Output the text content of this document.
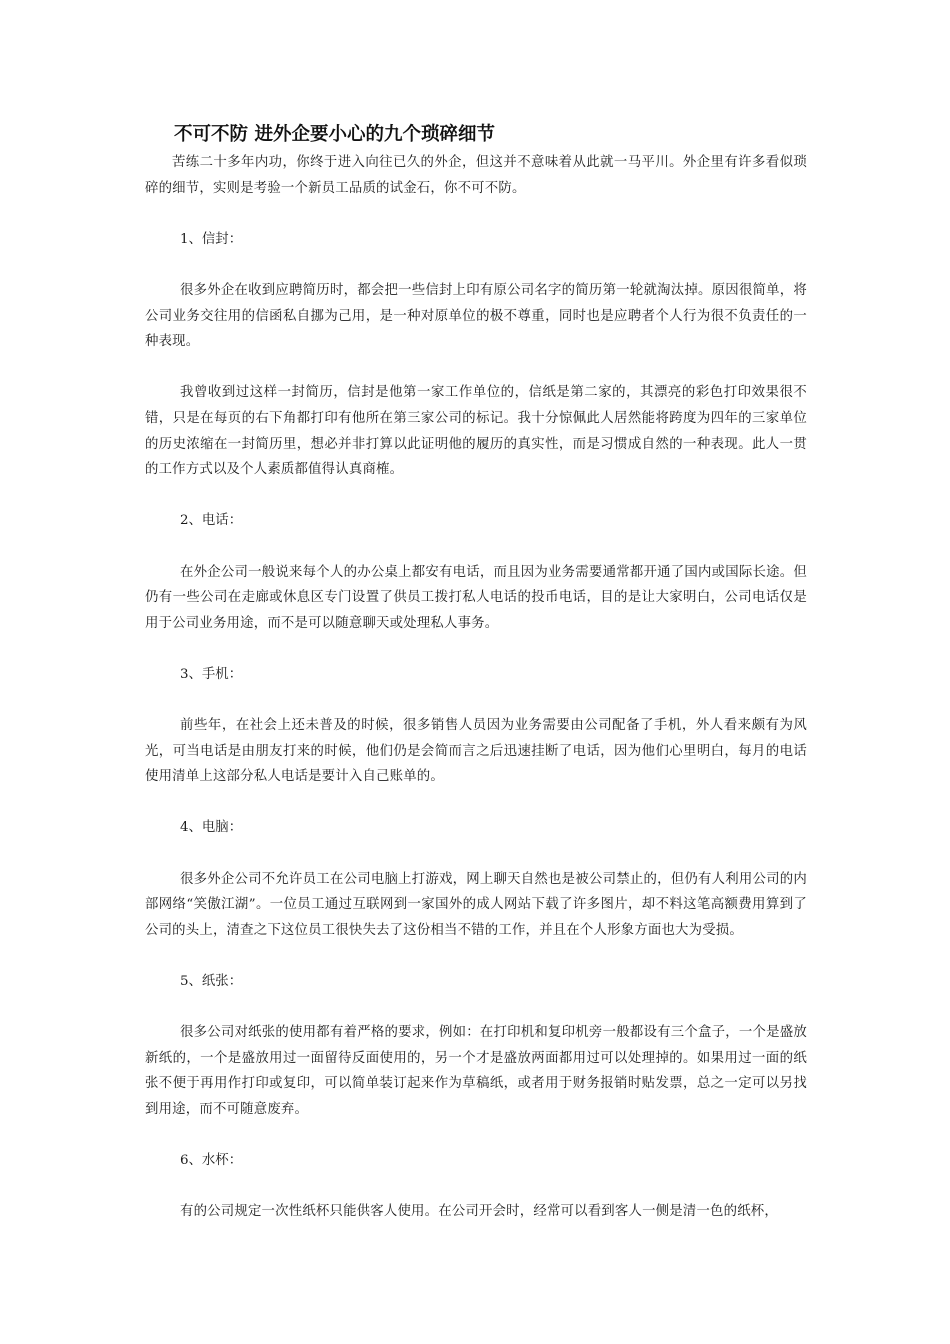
不可不防 进外企要小心的九个琐碎细节

苦练二十多年内功，你终于进入向往已久的外企，但这并不意味着从此就一马平川。外企里有许多看似琐碎的细节，实则是考验一个新员工品质的试金石，你不可不防。

1、信封：

很多外企在收到应聘简历时，都会把一些信封上印有原公司名字的简历第一轮就淘汰掉。原因很简单，将公司业务交往用的信函私自挪为己用，是一种对原单位的极不尊重，同时也是应聘者个人行为很不负责任的一种表现。

我曾收到过这样一封简历，信封是他第一家工作单位的，信纸是第二家的，其漂亮的彩色打印效果很不错，只是在每页的右下角都打印有他所在第三家公司的标记。我十分惊佩此人居然能将跨度为四年的三家单位的历史浓缩在一封简历里，想必并非打算以此证明他的履历的真实性，而是习惯成自然的一种表现。此人一贯的工作方式以及个人素质都值得认真商榷。

2、电话：

在外企公司一般说来每个人的办公桌上都安有电话，而且因为业务需要通常都开通了国内或国际长途。但仍有一些公司在走廊或休息区专门设置了供员工拨打私人电话的投币电话，目的是让大家明白，公司电话仅是用于公司业务用途，而不是可以随意聊天或处理私人事务。

3、手机：

前些年，在社会上还未普及的时候，很多销售人员因为业务需要由公司配备了手机，外人看来颇有为风光，可当电话是由朋友打来的时候，他们仍是会简而言之后迅速挂断了电话，因为他们心里明白，每月的电话使用清单上这部分私人电话是要计入自己账单的。

4、电脑：

很多外企公司不允许员工在公司电脑上打游戏，网上聊天自然也是被公司禁止的，但仍有人利用公司的内部网络“笑傲江湖”。一位员工通过互联网到一家国外的成人网站下载了许多图片，却不料这笔高额费用算到了公司的头上，清查之下这位员工很快失去了这份相当不错的工作，并且在个人形象方面也大为受损。

5、纸张：

很多公司对纸张的使用都有着严格的要求，例如：在打印机和复印机旁一般都设有三个盒子，一个是盛放新纸的，一个是盛放用过一面留待反面使用的，另一个才是盛放两面都用过可以处理掉的。如果用过一面的纸张不便于再用作打印或复印，可以简单装订起来作为草稿纸，或者用于财务报销时贴发票，总之一定可以另找到用途，而不可随意废弃。

6、水杯：

有的公司规定一次性纸杯只能供客人使用。在公司开会时，经常可以看到客人一侧是清一色的纸杯，
